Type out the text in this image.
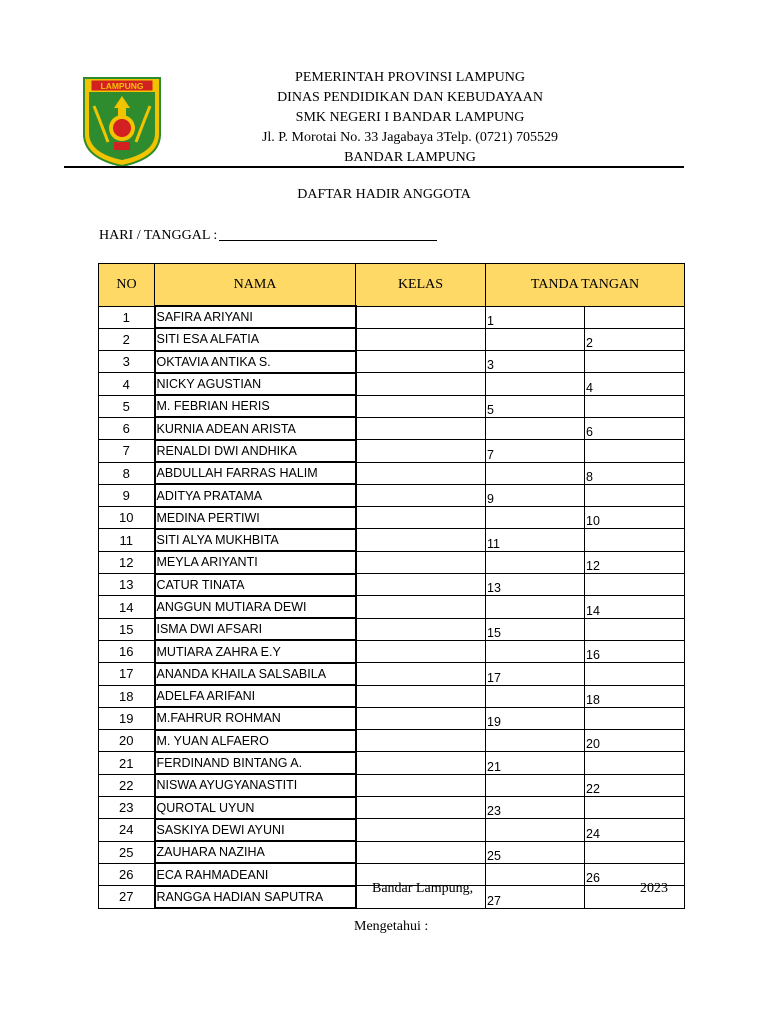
LAMPUNG
PEMERINTAH PROVINSI LAMPUNG
DINAS PENDIDIKAN DAN KEBUDAYAAN
SMK NEGERI I BANDAR LAMPUNG
Jl. P. Morotai No. 33 Jagabaya 3Telp. (0721) 705529
BANDAR LAMPUNG
DAFTAR HADIR ANGGOTA
HARI / TANGGAL :
NO	NAMA	KELAS	TANDA TANGAN	
1	SAFIRA ARIYANI		1	
2	SITI ESA ALFATIA			2
3	OKTAVIA ANTIKA S.		3	
4	NICKY AGUSTIAN			4
5	M. FEBRIAN HERIS		5	
6	KURNIA ADEAN ARISTA			6
7	RENALDI DWI ANDHIKA		7	
8	ABDULLAH FARRAS HALIM			8
9	ADITYA PRATAMA		9	
10	MEDINA PERTIWI			10
11	SITI ALYA MUKHBITA		11	
12	MEYLA ARIYANTI			12
13	CATUR TINATA		13	
14	ANGGUN MUTIARA DEWI			14
15	ISMA DWI AFSARI		15	
16	MUTIARA ZAHRA E.Y			16
17	ANANDA KHAILA SALSABILA		17	
18	ADELFA ARIFANI			18
19	M.FAHRUR ROHMAN		19	
20	M. YUAN ALFAERO			20
21	FERDINAND BINTANG A.		21	
22	NISWA AYUGYANASTITI			22
23	QUROTAL UYUN		23	
24	SASKIYA DEWI AYUNI			24
25	ZAUHARA NAZIHA		25	
26	ECA RAHMADEANI			26
27	RANGGA HADIAN SAPUTRA		27	
Bandar Lampung,	2023
Mengetahui :
